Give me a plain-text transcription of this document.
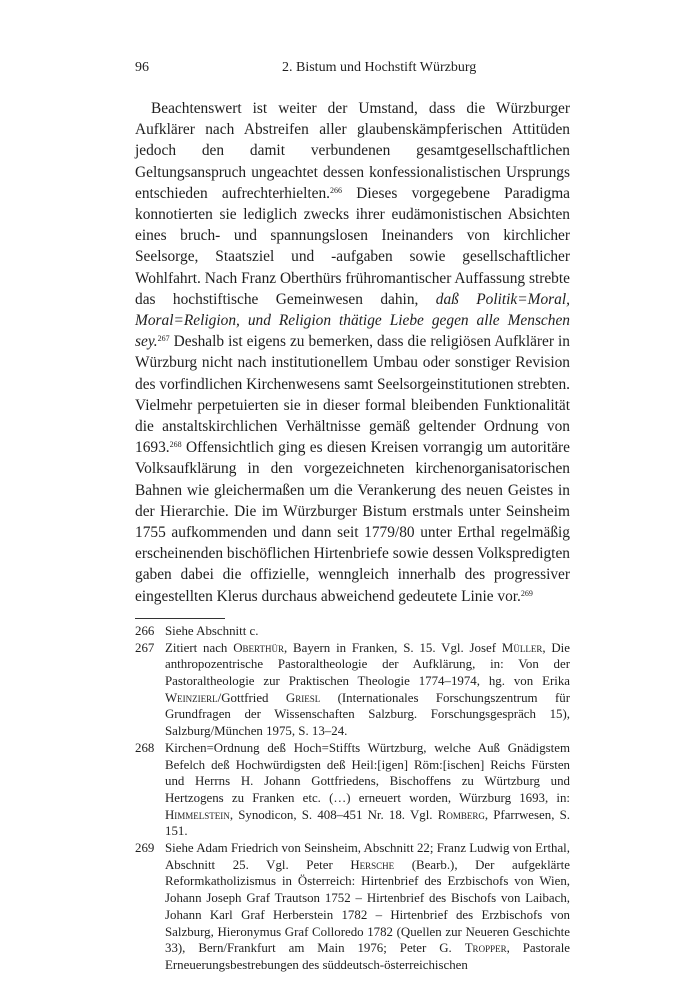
96	2. Bistum und Hochstift Würzburg

Beachtenswert ist weiter der Umstand, dass die Würzburger Aufklärer nach Abstreifen aller glaubenskämpferischen Attitüden jedoch den damit verbundenen gesamtgesellschaftlichen Geltungsanspruch ungeachtet dessen konfessionalistischen Ursprungs entschieden aufrechterhielten.$^{266}$ Dieses vorgegebene Paradigma konnotierten sie lediglich zwecks ihrer eudämonistischen Absichten eines bruch- und spannungslosen Ineinanders von kirchlicher Seelsorge, Staatsziel und -aufgaben sowie gesellschaftlicher Wohlfahrt. Nach Franz Oberthürs frühromantischer Auffassung strebte das hochstiftische Gemeinwesen dahin, daß Politik=Moral, Moral=Religion, und Religion thätige Liebe gegen alle Menschen sey.$^{267}$ Deshalb ist eigens zu bemerken, dass die religiösen Aufklärer in Würzburg nicht nach institutionellem Umbau oder sonstiger Revision des vorfindlichen Kirchenwesens samt Seelsorgeinstitutionen strebten. Vielmehr perpetuierten sie in dieser formal bleibenden Funktionalität die anstaltskirchlichen Verhältnisse gemäß geltender Ordnung von 1693.$^{268}$ Offensichtlich ging es diesen Kreisen vorrangig um autoritäre Volksaufklärung in den vorgezeichneten kirchenorganisatorischen Bahnen wie gleichermaßen um die Verankerung des neuen Geistes in der Hierarchie. Die im Würzburger Bistum erstmals unter Seinsheim 1755 aufkommenden und dann seit 1779/80 unter Erthal regelmäßig erscheinenden bischöflichen Hirtenbriefe sowie dessen Volkspredigten gaben dabei die offizielle, wenngleich innerhalb des progressiver eingestellten Klerus durchaus abweichend gedeutete Linie vor.$^{269}$

266 Siehe Abschnitt c.
267 Zitiert nach Oberthür, Bayern in Franken, S. 15. Vgl. Josef Müller, Die anthropozentrische Pastoraltheologie der Aufklärung, in: Von der Pastoraltheologie zur Praktischen Theologie 1774–1974, hg. von Erika Weinzierl/Gottfried Griesl (Internationales Forschungszentrum für Grundfragen der Wissenschaften Salzburg. Forschungsgespräch 15), Salzburg/München 1975, S. 13–24.
268 Kirchen=Ordnung deß Hoch=Stiffts Würtzburg, welche Auß Gnädigstem Befelch deß Hochwürdigsten deß Heil:[igen] Röm:[ischen] Reichs Fürsten und Herrns H. Johann Gottfriedens, Bischoffens zu Würtzburg und Hertzogens zu Franken etc. (…) erneuert worden, Würzburg 1693, in: Himmelstein, Synodicon, S. 408–451 Nr. 18. Vgl. Romberg, Pfarrwesen, S. 151.
269 Siehe Adam Friedrich von Seinsheim, Abschnitt 22; Franz Ludwig von Erthal, Abschnitt 25. Vgl. Peter Hersche (Bearb.), Der aufgeklärte Reformkatholizismus in Österreich: Hirtenbrief des Erzbischofs von Wien, Johann Joseph Graf Trautson 1752 – Hirtenbrief des Bischofs von Laibach, Johann Karl Graf Herberstein 1782 – Hirtenbrief des Erzbischofs von Salzburg, Hieronymus Graf Colloredo 1782 (Quellen zur Neueren Geschichte 33), Bern/Frankfurt am Main 1976; Peter G. Tropper, Pastorale Erneuerungsbestrebungen des süddeutsch-österreichischen
